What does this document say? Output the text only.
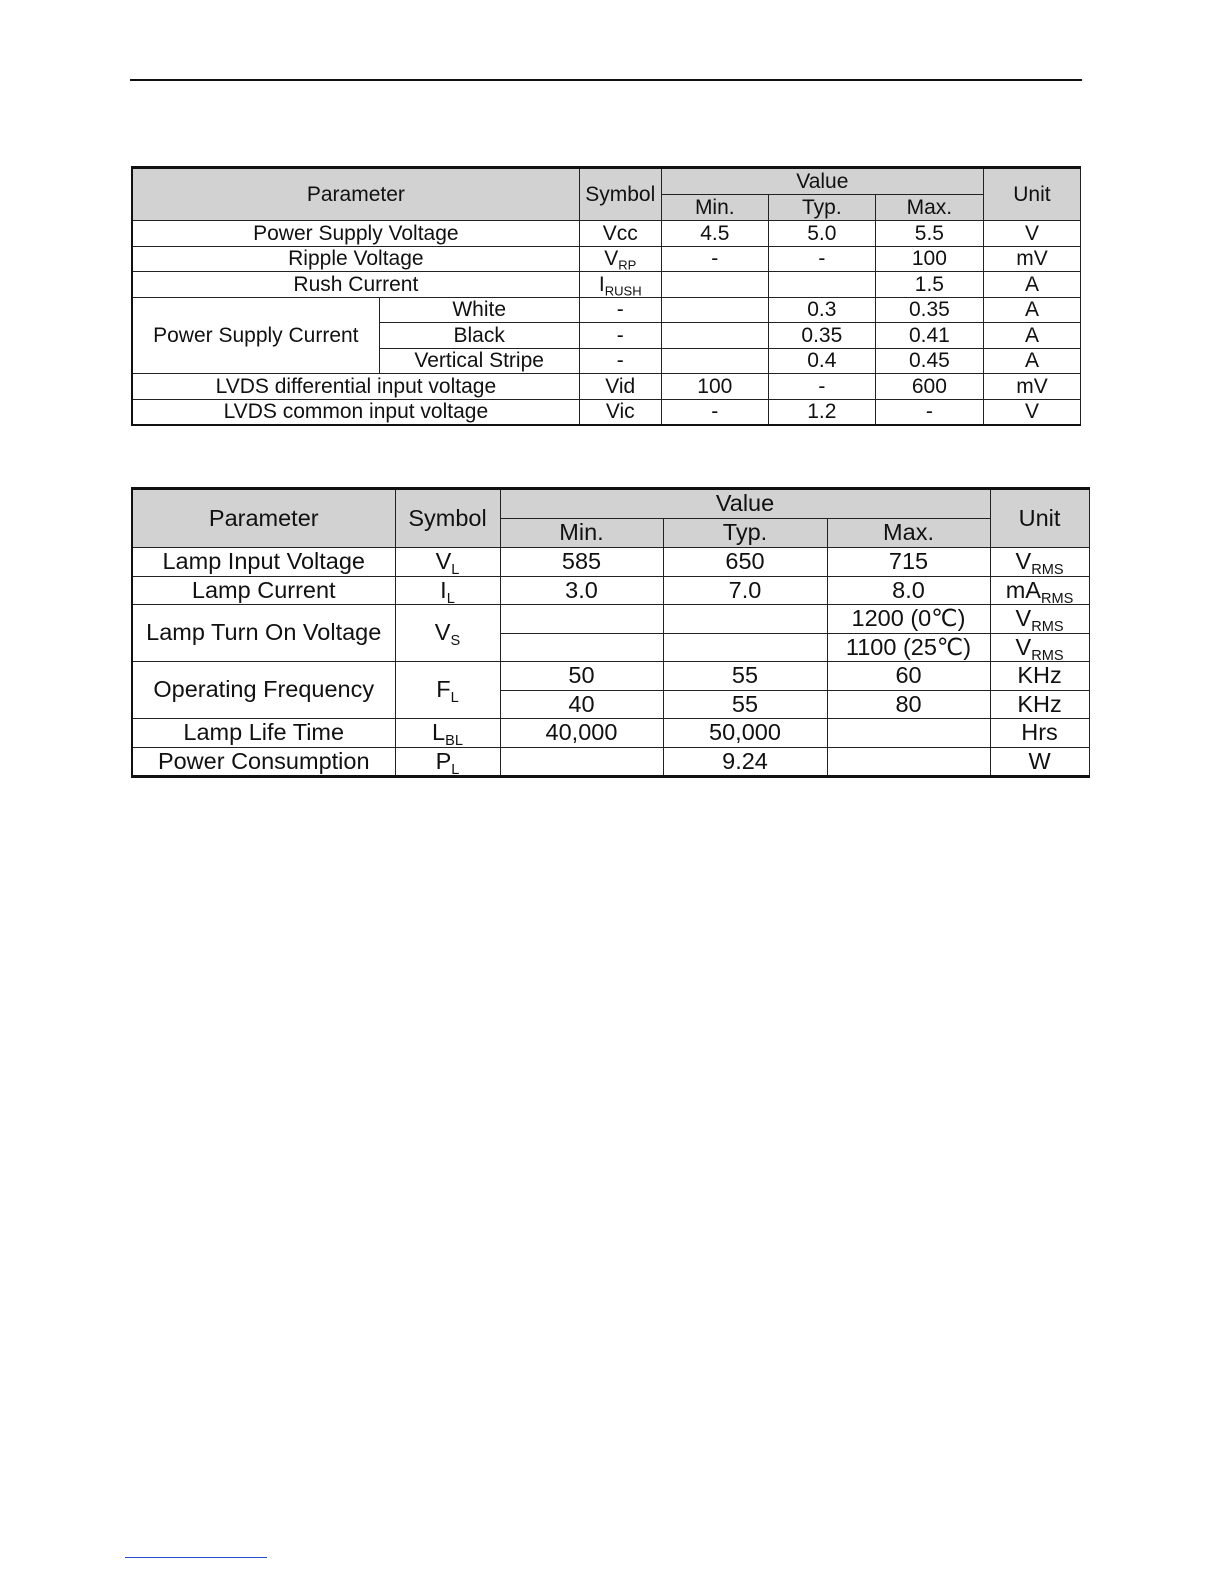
Parameter		Symbol	Value			Unit
			Min.	Typ.	Max.	
Power Supply Voltage		Vcc	4.5	5.0	5.5	V
Ripple Voltage		$V_{RP}$	-	-	100	mV
Rush Current		$I_{RUSH}$			1.5	A
Power Supply Current	White	-		0.3	0.35	A
	Black	-		0.35	0.41	A
	Vertical Stripe	-		0.4	0.45	A
LVDS differential input voltage		Vid	100	-	600	mV
LVDS common input voltage		Vic	-	1.2	-	V
Parameter	Symbol	Value			Unit
		Min.	Typ.	Max.	
Lamp Input Voltage	$V_L$	585	650	715	$V_{RMS}$
Lamp Current	$I_L$	3.0	7.0	8.0	$mA_{RMS}$
Lamp Turn On Voltage	$V_S$			1200 (0℃)	$V_{RMS}$
				1100 (25℃)	$V_{RMS}$
Operating Frequency	$F_L$	50	55	60	KHz
		40	55	80	KHz
Lamp Life Time	$L_{BL}$	40,000	50,000		Hrs
Power Consumption	$P_L$		9.24		W
